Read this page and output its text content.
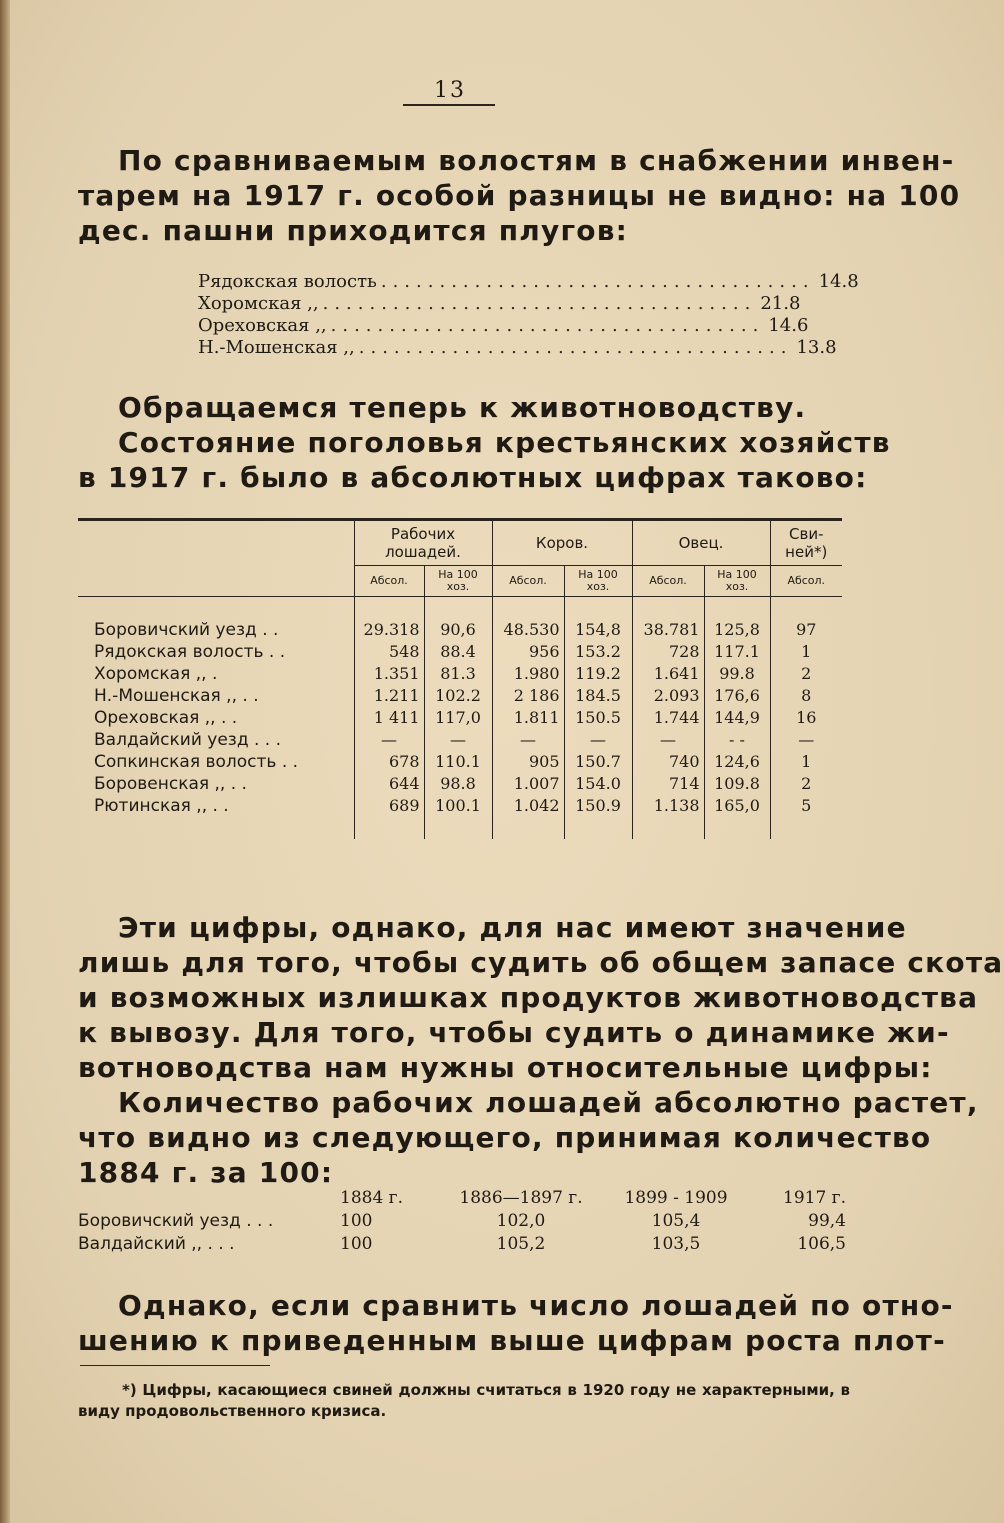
13
По сравниваемым волостям в снабжении инвен-
тарем на 1917 г. особой разницы не видно: на 100
дес. пашни приходится плугов:
Рядокская волость ..................................... 14.8
Хоромская ,, ..................................... 21.8
Ореховская ,, ..................................... 14.6
Н.-Мошенская ,, ..................................... 13.8
Обращаемся теперь к животноводству.
Состояние поголовья крестьянских хозяйств
в 1917 г. было в абсолютных цифрах таково:
	Рабочих лошадей.		Коров.		Овец.		Сви- ней*)
	Абсол.	На 100 хоз.	Абсол.	На 100 хоз.	Абсол.	На 100 хоз.	Абсол.

Боровичский уезд . .	29.318	90,6	48.530	154,8	38.781	125,8	97
Рядокская волость . .	548	88.4	956	153.2	728	117.1	1
Хоромская ,, .	1.351	81.3	1.980	119.2	1.641	99.8	2
Н.-Мошенская ,, . .	1.211	102.2	2 186	184.5	2.093	176,6	8
Ореховская ,, . .	1 411	117,0	1.811	150.5	1.744	144,9	16
Валдайский уезд . . .	—	—	—	—	—	- -	—
Сопкинская волость . .	678	110.1	905	150.7	740	124,6	1
Боровенская ,, . .	644	98.8	1.007	154.0	714	109.8	2
Рютинская ,, . .	689	100.1	1.042	150.9	1.138	165,0	5

Эти цифры, однако, для нас имеют значение
лишь для того, чтобы судить об общем запасе скота
и возможных излишках продуктов животноводства
к вывозу. Для того, чтобы судить о динамике жи-
вотноводства нам нужны относительные цифры:
Количество рабочих лошадей абсолютно растет,
что видно из следующего, принимая количество
1884 г. за 100:
1884 г.	1886—1897 г.	1899 - 1909	1917 г.
Боровичский уезд . . .	100	102,0	105,4	99,4
Валдайский ,, . . .	100	105,2	103,5	106,5
Однако, если сравнить число лошадей по отно-
шению к приведенным выше цифрам роста плот-
*) Цифры, касающиеся свиней должны считаться в 1920 году не характерными, в виду продовольственного кризиса.
